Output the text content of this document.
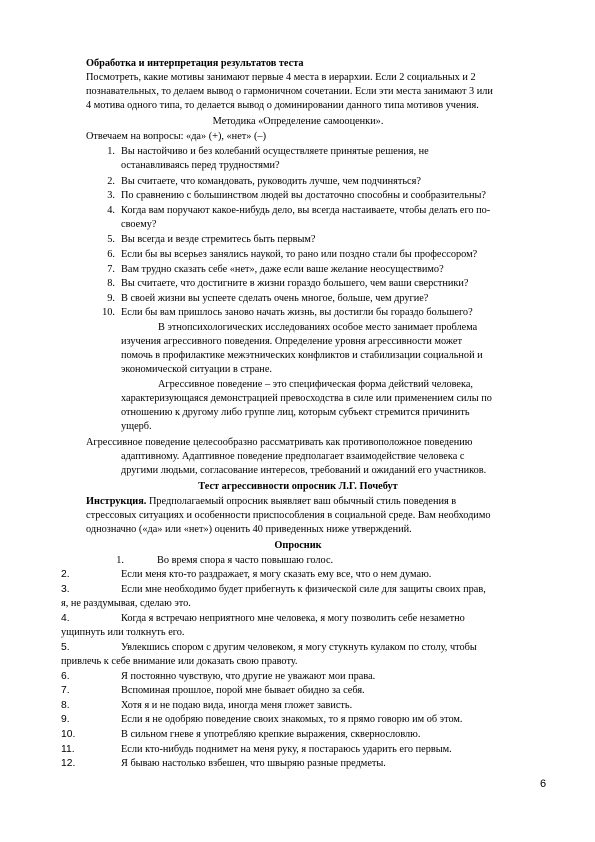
Обработка и интерпретация результатов теста
Посмотреть, какие мотивы занимают первые 4 места в иерархии. Если 2 социальных и 2
познавательных, то делаем вывод о гармоничном сочетании. Если эти места занимают 3 или
4 мотива одного типа, то делается вывод о доминировании данного типа мотивов учения.
Методика «Определение самооценки».
Отвечаем на вопросы: «да» (+), «нет» (–)
1. Вы настойчиво и без колебаний осуществляете принятые решения, не
останавливаясь перед трудностями?
2. Вы считаете, что командовать, руководить лучше, чем подчиняться?
3. По сравнению с большинством людей вы достаточно способны и сообразительны?
4. Когда вам поручают какое-нибудь дело, вы всегда настаиваете, чтобы делать его по-
своему?
5. Вы всегда и везде стремитесь быть первым?
6. Если бы вы всерьез занялись наукой, то рано или поздно стали бы профессором?
7. Вам трудно сказать себе «нет», даже если ваше желание неосуществимо?
8. Вы считаете, что достигните в жизни гораздо большего, чем ваши сверстники?
9. В своей жизни вы успеете сделать очень многое, больше, чем другие?
10. Если бы вам пришлось заново начать жизнь, вы достигли бы гораздо большего?
В этнопсихологических исследованиях особое место занимает проблема
изучения агрессивного поведения. Определение уровня агрессивности может
помочь в профилактике межэтнических конфликтов и стабилизации социальной и
экономической ситуации в стране.
Агрессивное поведение – это специфическая форма действий человека,
характеризующаяся демонстрацией превосходства в силе или применением силы по
отношению к другому либо группе лиц, которым субъект стремится причинить
ущерб.
Агрессивное поведение целесообразно рассматривать как противоположное поведению
адаптивному. Адаптивное поведение предполагает взаимодействие человека с
другими людьми, согласование интересов, требований и ожиданий его участников.
Тест агрессивности опросник Л.Г. Почебут
Инструкция. Предполагаемый опросник выявляет ваш обычный стиль поведения в
стрессовых ситуациях и особенности приспособления в социальной среде. Вам необходимо
однозначно («да» или «нет») оценить 40 приведенных ниже утверждений.
Опросник
1.	Во время спора я часто повышаю голос.
2.	Если меня кто-то раздражает, я могу сказать ему все, что о нем думаю.
3.	Если мне необходимо будет прибегнуть к физической силе для защиты своих прав,
я, не раздумывая, сделаю это.
4.	Когда я встречаю неприятного мне человека, я могу позволить себе незаметно
ущипнуть или толкнуть его.
5.	Увлекшись спором с другим человеком, я могу стукнуть кулаком по столу, чтобы
привлечь к себе внимание или доказать свою правоту.
6.	Я постоянно чувствую, что другие не уважают мои права.
7.	Вспоминая прошлое, порой мне бывает обидно за себя.
8.	Хотя я и не подаю вида, иногда меня гложет зависть.
9.	Если я не одобряю поведение своих знакомых, то я прямо говорю им об этом.
10.	В сильном гневе я употребляю крепкие выражения, сквернословлю.
11.	Если кто-нибудь поднимет на меня руку, я постараюсь ударить его первым.
12.	Я бываю настолько взбешен, что швыряю разные предметы.
6
